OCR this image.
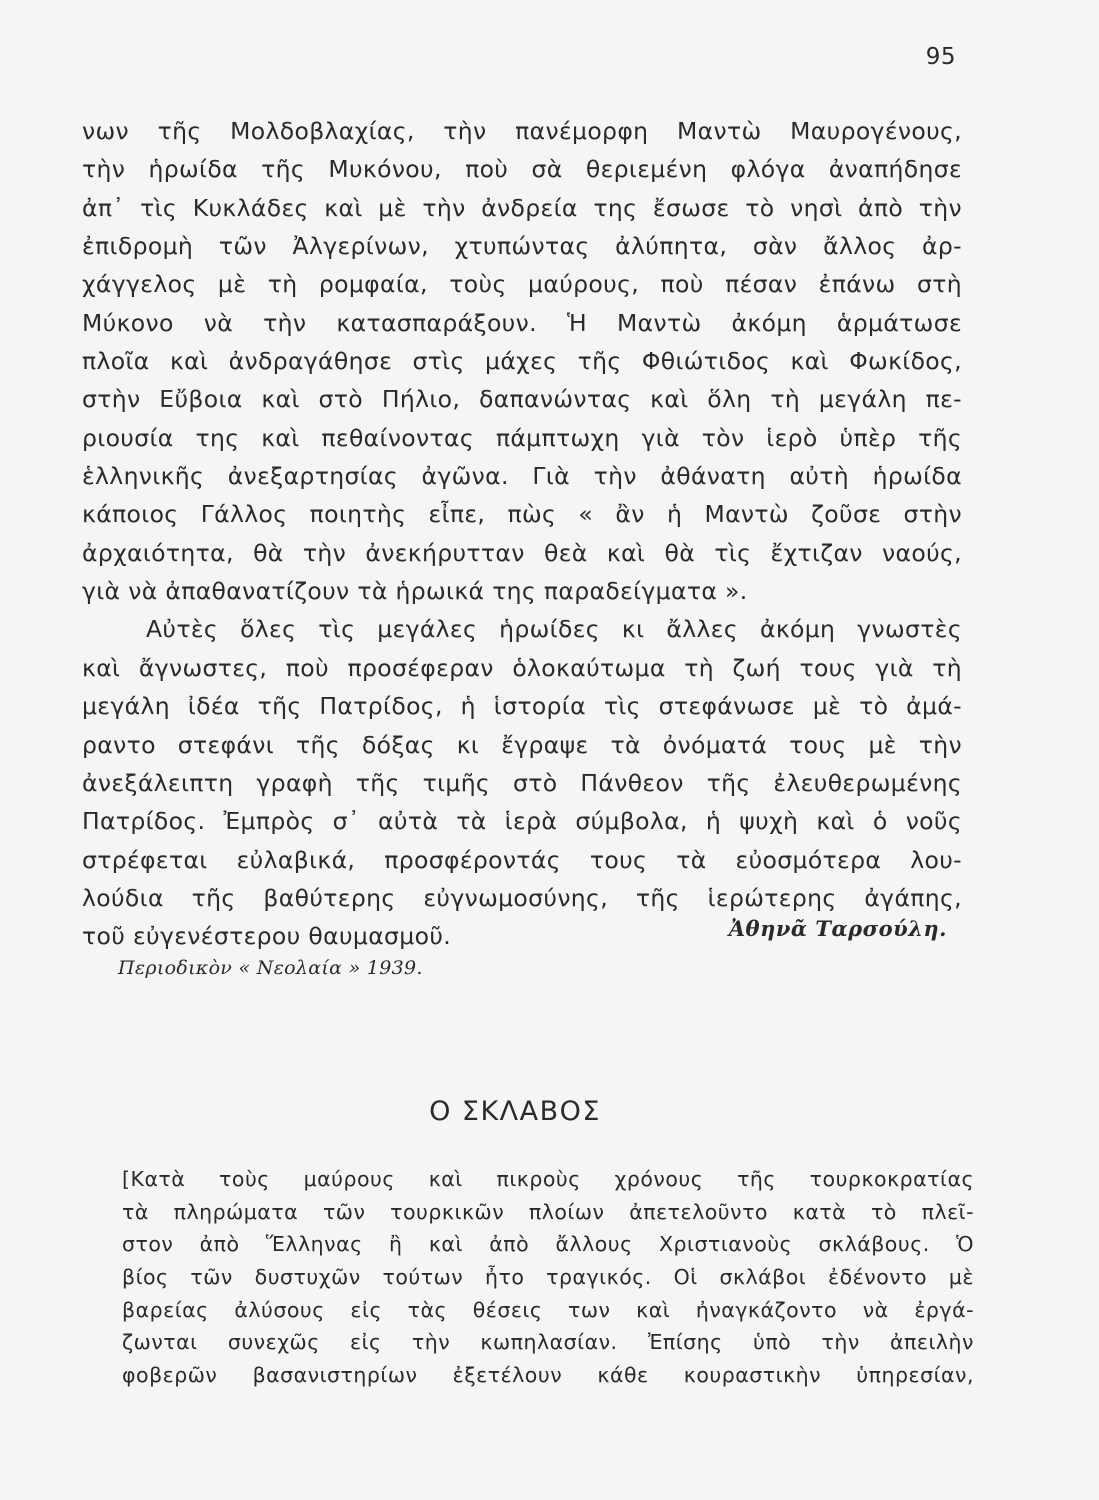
95
νων τῆς Μολδοβλαχίας, τὴν πανέμορφη Μαντὼ Μαυρογένους,
τὴν ἡρωίδα τῆς Μυκόνου, ποὺ σὰ θεριεμένη φλόγα ἀναπήδησε
ἀπ᾽ τὶς Κυκλάδες καὶ μὲ τὴν ἀνδρεία της ἔσωσε τὸ νησὶ ἀπὸ τὴν
ἐπιδρομὴ τῶν Ἀλγερίνων, χτυπώντας ἀλύπητα, σὰν ἄλλος ἀρ-
χάγγελος μὲ τὴ ρομφαία, τοὺς μαύρους, ποὺ πέσαν ἐπάνω στὴ
Μύκονο νὰ τὴν κατασπαράξουν. Ἡ Μαντὼ ἀκόμη ἁρμάτωσε
πλοῖα καὶ ἀνδραγάθησε στὶς μάχες τῆς Φθιώτιδος καὶ Φωκίδος,
στὴν Εὔβοια καὶ στὸ Πήλιο, δαπανώντας καὶ ὅλη τὴ μεγάλη πε-
ριουσία της καὶ πεθαίνοντας πάμπτωχη γιὰ τὸν ἱερὸ ὑπὲρ τῆς
ἑλληνικῆς ἀνεξαρτησίας ἀγῶνα. Γιὰ τὴν ἀθάνατη αὐτὴ ἡρωίδα
κάποιος Γάλλος ποιητὴς εἶπε, πὼς « ἂν ἡ Μαντὼ ζοῦσε στὴν
ἀρχαιότητα, θὰ τὴν ἀνεκήρυτταν θεὰ καὶ θὰ τὶς ἔχτιζαν ναούς,
γιὰ νὰ ἀπαθανατίζουν τὰ ἡρωικά της παραδείγματα ».
Αὐτὲς ὅλες τὶς μεγάλες ἡρωίδες κι ἄλλες ἀκόμη γνωστὲς
καὶ ἄγνωστες, ποὺ προσέφεραν ὁλοκαύτωμα τὴ ζωή τους γιὰ τὴ
μεγάλη ἰδέα τῆς Πατρίδος, ἡ ἱστορία τὶς στεφάνωσε μὲ τὸ ἀμά-
ραντο στεφάνι τῆς δόξας κι ἔγραψε τὰ ὀνόματά τους μὲ τὴν
ἀνεξάλειπτη γραφὴ τῆς τιμῆς στὸ Πάνθεον τῆς ἐλευθερωμένης
Πατρίδος. Ἐμπρὸς σ᾽ αὐτὰ τὰ ἱερὰ σύμβολα, ἡ ψυχὴ καὶ ὁ νοῦς
στρέφεται εὐλαβικά, προσφέροντάς τους τὰ εὐοσμότερα λου-
λούδια τῆς βαθύτερης εὐγνωμοσύνης, τῆς ἱερώτερης ἀγάπης,
τοῦ εὐγενέστερου θαυμασμοῦ.	Ἀθηνᾶ Ταρσούλη.
Περιοδικὸν « Νεολαία » 1939.
Ο ΣΚΛΑΒΟΣ
[Κατὰ τοὺς μαύρους καὶ πικροὺς χρόνους τῆς τουρκοκρατίας
τὰ πληρώματα τῶν τουρκικῶν πλοίων ἀπετελοῦντο κατὰ τὸ πλεῖ-
στον ἀπὸ Ἕλληνας ἢ καὶ ἀπὸ ἄλλους Χριστιανοὺς σκλάβους. Ὁ
βίος τῶν δυστυχῶν τούτων ἦτο τραγικός. Οἱ σκλάβοι ἐδένοντο μὲ
βαρείας ἀλύσους εἰς τὰς θέσεις των καὶ ἠναγκάζοντο νὰ ἐργά-
ζωνται συνεχῶς εἰς τὴν κωπηλασίαν. Ἐπίσης ὑπὸ τὴν ἀπειλὴν
φοβερῶν βασανιστηρίων ἐξετέλουν κάθε κουραστικὴν ὑπηρεσίαν,
